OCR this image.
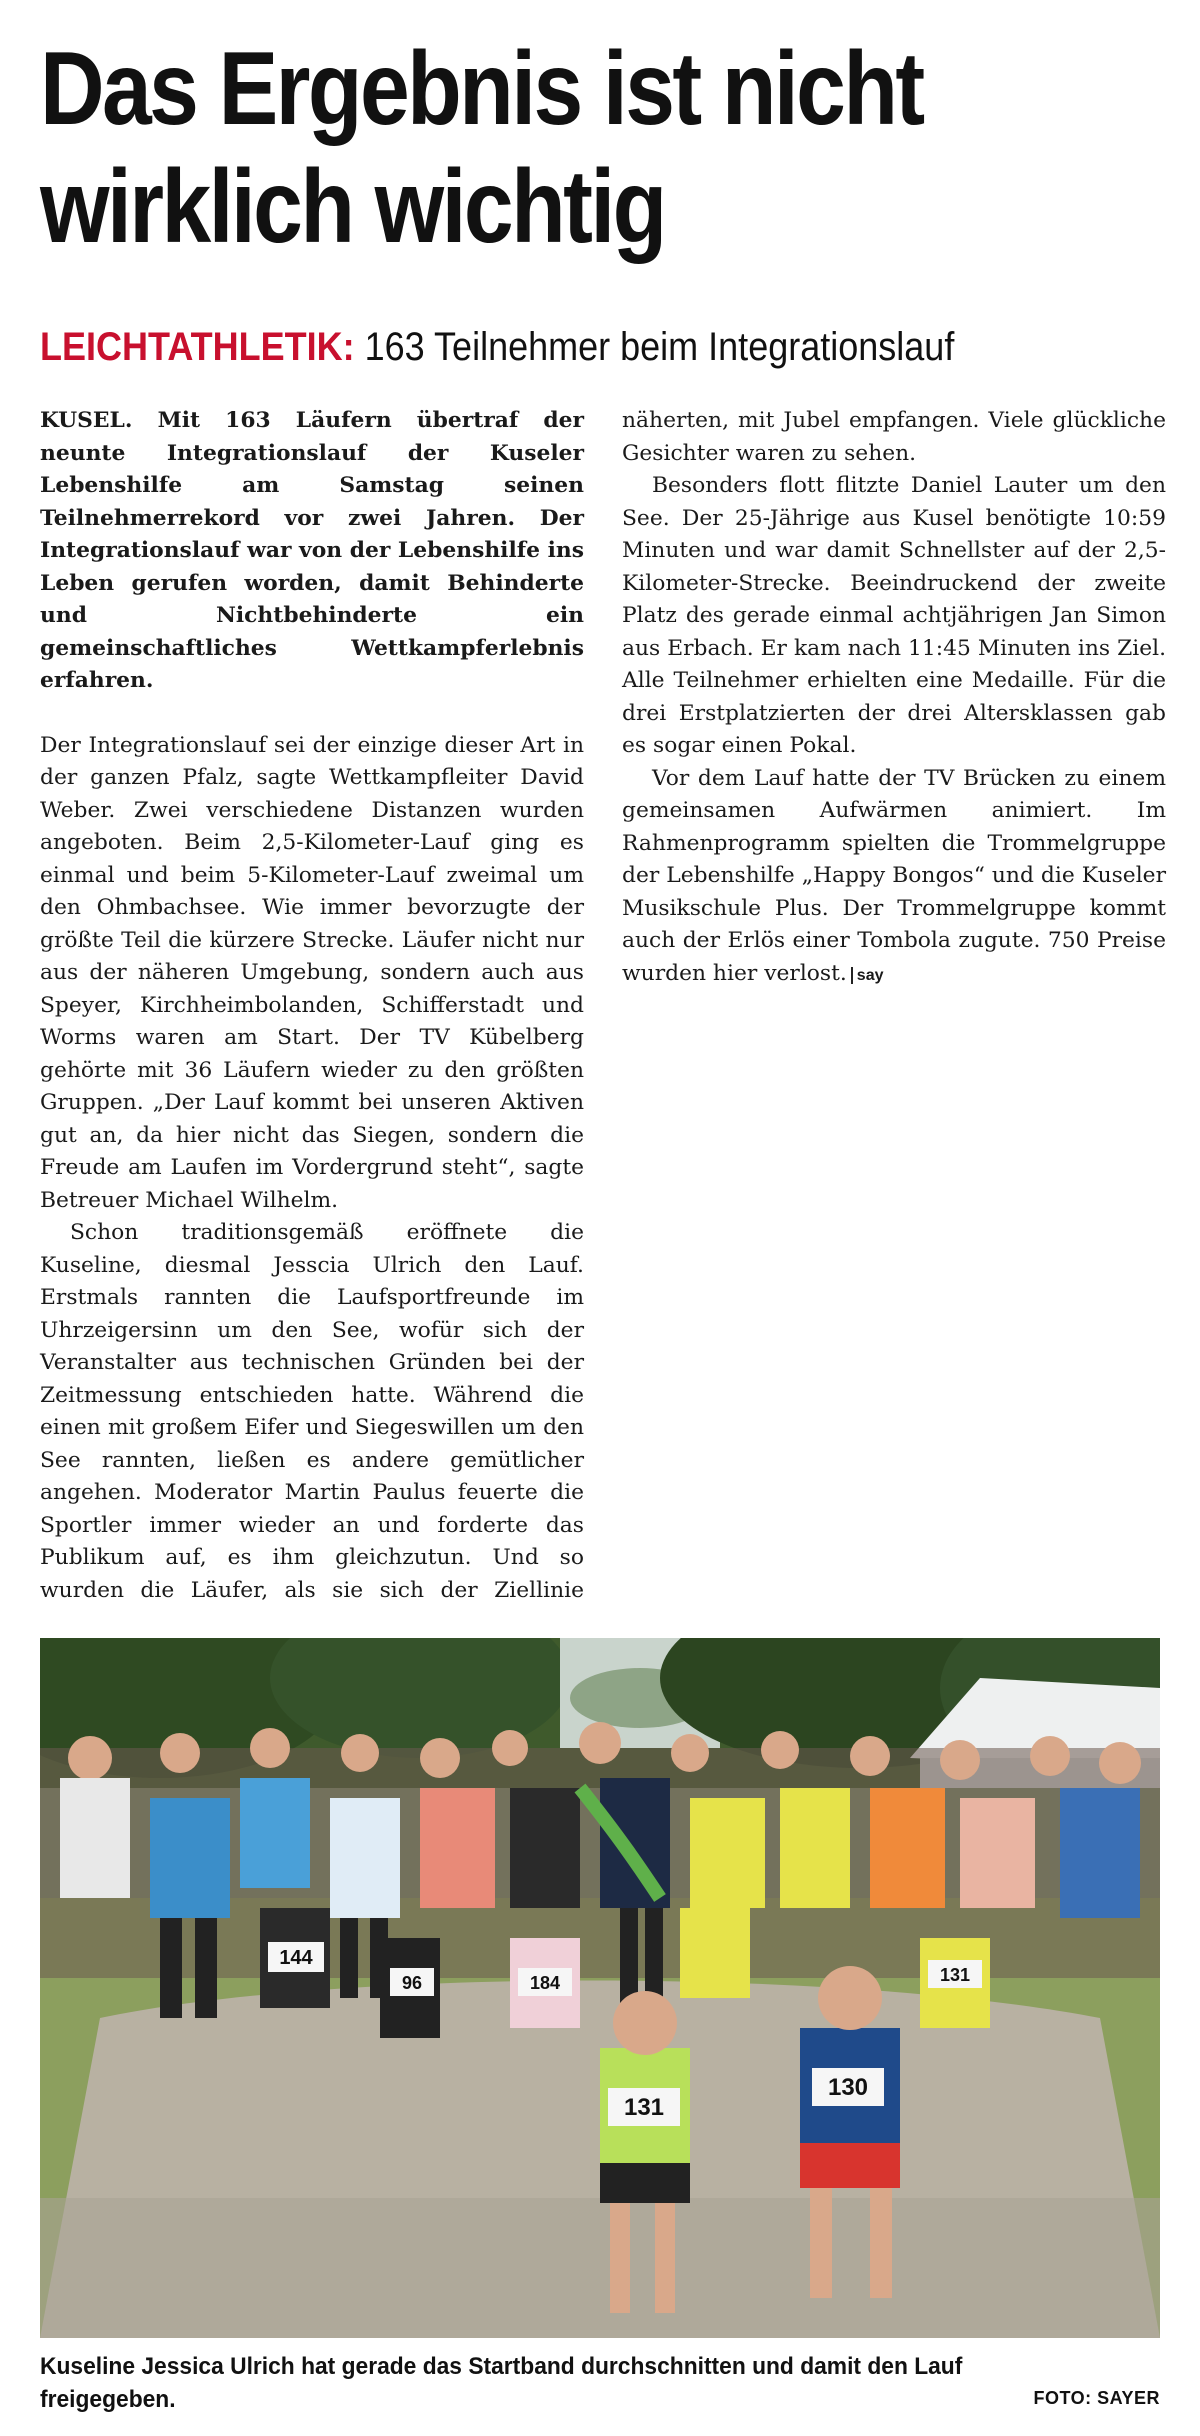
Das Ergebnis ist nicht wirklich wichtig
LEICHTATHLETIK: 163 Teilnehmer beim Integrationslauf

KUSEL. Mit 163 Läufern übertraf der neunte Integrationslauf der Kuseler Lebenshilfe am Samstag seinen Teilnehmerrekord vor zwei Jahren. Der Integrationslauf war von der Lebenshilfe ins Leben gerufen worden, damit Behinderte und Nichtbehinderte ein gemeinschaftliches Wettkampferlebnis erfahren.

Der Integrationslauf sei der einzige dieser Art in der ganzen Pfalz, sagte Wettkampfleiter David Weber. Zwei verschiedene Distanzen wurden angeboten. Beim 2,5-Kilometer-Lauf ging es einmal und beim 5-Kilometer-Lauf zweimal um den Ohmbachsee. Wie immer bevorzugte der größte Teil die kürzere Strecke. Läufer nicht nur aus der näheren Umgebung, sondern auch aus Speyer, Kirchheimbolanden, Schifferstadt und Worms waren am Start. Der TV Kübelberg gehörte mit 36 Läufern wieder zu den größten Gruppen. „Der Lauf kommt bei unseren Aktiven gut an, da hier nicht das Siegen, sondern die Freude am Laufen im Vordergrund steht“, sagte Betreuer Michael Wilhelm.

Schon traditionsgemäß eröffnete die Kuseline, diesmal Jesscia Ulrich den Lauf. Erstmals rannten die Laufsportfreunde im Uhrzeigersinn um den See, wofür sich der Veranstalter aus technischen Gründen bei der Zeitmessung entschieden hatte. Während die einen mit großem Eifer und Siegeswillen um den See rannten, ließen es andere gemütlicher angehen. Moderator Martin Paulus feuerte die Sportler immer wieder an und forderte das Publikum auf, es ihm gleichzutun. Und so wurden die Läufer, als sie sich der Ziellinie näherten, mit Jubel empfangen. Viele glückliche Gesichter waren zu sehen.

Besonders flott flitzte Daniel Lauter um den See. Der 25-Jährige aus Kusel benötigte 10:59 Minuten und war damit Schnellster auf der 2,5-Kilometer-Strecke. Beeindruckend der zweite Platz des gerade einmal achtjährigen Jan Simon aus Erbach. Er kam nach 11:45 Minuten ins Ziel. Alle Teilnehmer erhielten eine Medaille. Für die drei Erstplatzierten der drei Altersklassen gab es sogar einen Pokal.

Vor dem Lauf hatte der TV Brücken zu einem gemeinsamen Aufwärmen animiert. Im Rahmenprogramm spielten die Trommelgruppe der Lebenshilfe „Happy Bongos“ und die Kuseler Musikschule Plus. Der Trommelgruppe kommt auch der Erlös einer Tombola zugute. 750 Preise wurden hier verlost. say

144
96	184
131
130
131
Kuseline Jessica Ulrich hat gerade das Startband durchschnitten und damit den Lauf freigegeben.	FOTO: SAYER
